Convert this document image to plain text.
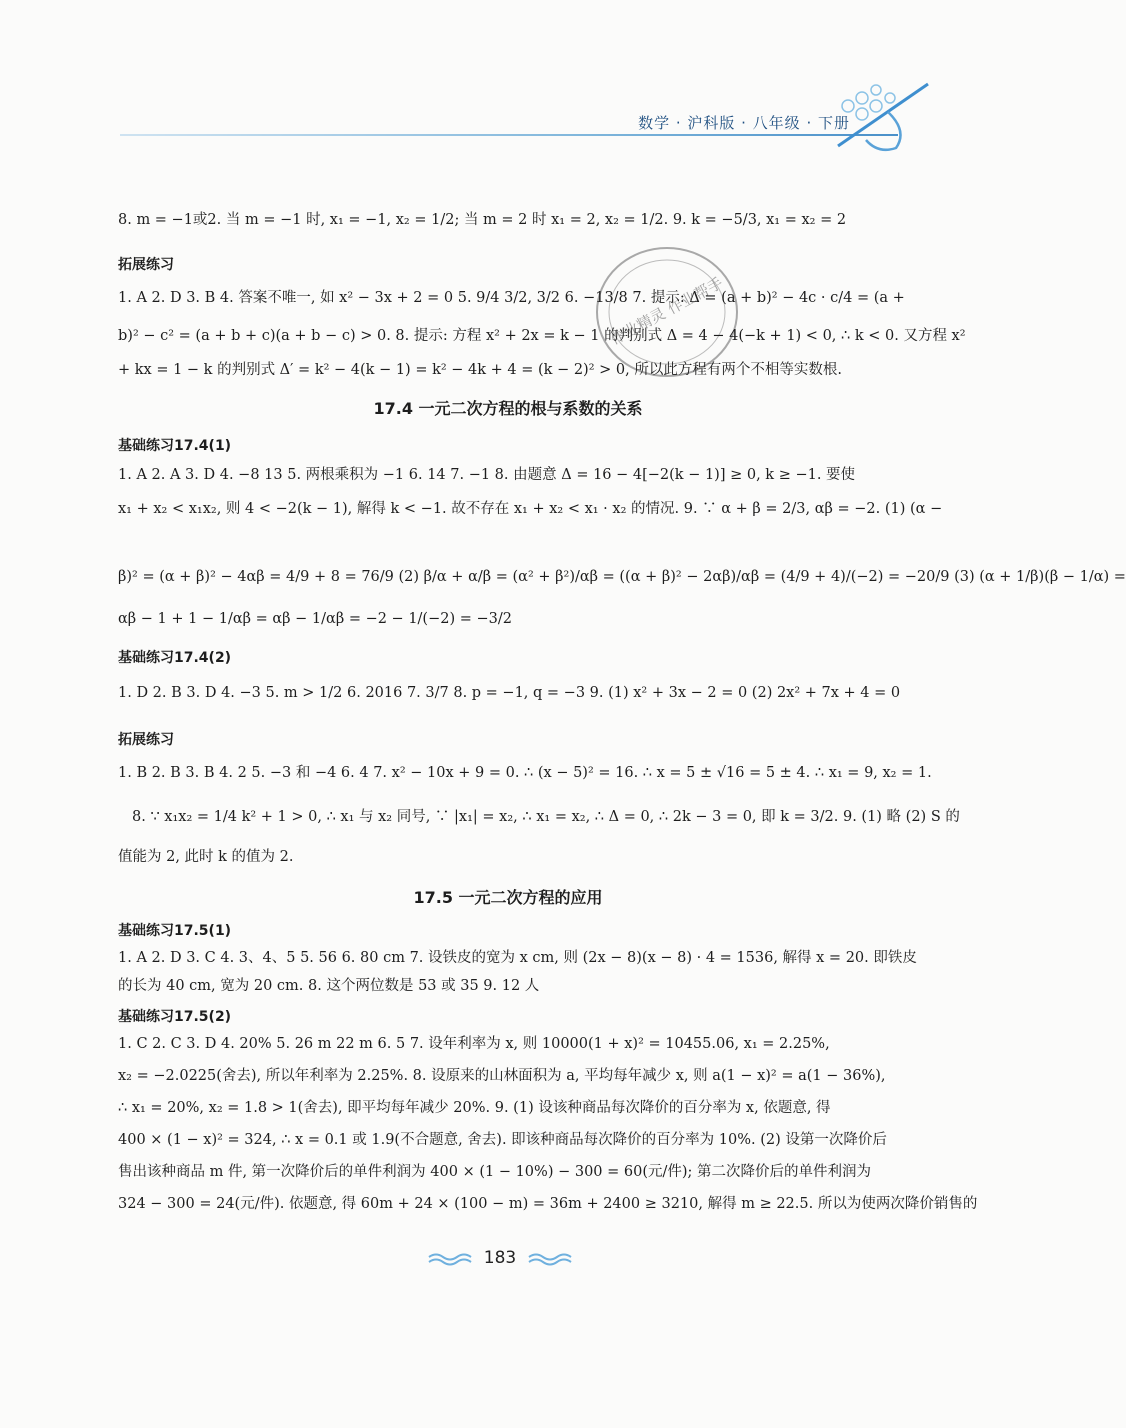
数学 · 沪科版 · 八年级 · 下册
作业精灵 作业帮手

8. m = −1或2. 当 m = −1 时, x₁ = −1, x₂ = 1/2; 当 m = 2 时 x₁ = 2, x₂ = 1/2. 9. k = −5/3, x₁ = x₂ = 2

拓展练习

1. A 2. D 3. B 4. 答案不唯一, 如 x² − 3x + 2 = 0 5. 9/4 3/2, 3/2 6. −13/8 7. 提示: Δ = (a + b)² − 4c · c/4 = (a +

b)² − c² = (a + b + c)(a + b − c) > 0. 8. 提示: 方程 x² + 2x = k − 1 的判别式 Δ = 4 − 4(−k + 1) < 0, ∴ k < 0. 又方程 x²

+ kx = 1 − k 的判别式 Δ′ = k² − 4(k − 1) = k² − 4k + 4 = (k − 2)² > 0, 所以此方程有两个不相等实数根.

17.4 一元二次方程的根与系数的关系

基础练习17.4(1)

1. A 2. A 3. D 4. −8 13 5. 两根乘积为 −1 6. 14 7. −1 8. 由题意 Δ = 16 − 4[−2(k − 1)] ≥ 0, k ≥ −1. 要使

x₁ + x₂ < x₁x₂, 则 4 < −2(k − 1), 解得 k < −1. 故不存在 x₁ + x₂ < x₁ · x₂ 的情况. 9. ∵ α + β = 2/3, αβ = −2. (1) (α −

β)² = (α + β)² − 4αβ = 4/9 + 8 = 76/9 (2) β/α + α/β = (α² + β²)/αβ = ((α + β)² − 2αβ)/αβ = (4/9 + 4)/(−2) = −20/9 (3) (α + 1/β)(β − 1/α) =

αβ − 1 + 1 − 1/αβ = αβ − 1/αβ = −2 − 1/(−2) = −3/2

基础练习17.4(2)

1. D 2. B 3. D 4. −3 5. m > 1/2 6. 2016 7. 3/7 8. p = −1, q = −3 9. (1) x² + 3x − 2 = 0 (2) 2x² + 7x + 4 = 0

拓展练习

1. B 2. B 3. B 4. 2 5. −3 和 −4 6. 4 7. x² − 10x + 9 = 0. ∴ (x − 5)² = 16. ∴ x = 5 ± √16 = 5 ± 4. ∴ x₁ = 9, x₂ = 1.

8. ∵ x₁x₂ = 1/4 k² + 1 > 0, ∴ x₁ 与 x₂ 同号, ∵ |x₁| = x₂, ∴ x₁ = x₂, ∴ Δ = 0, ∴ 2k − 3 = 0, 即 k = 3/2. 9. (1) 略 (2) S 的

值能为 2, 此时 k 的值为 2.

17.5 一元二次方程的应用

基础练习17.5(1)

1. A 2. D 3. C 4. 3、4、5 5. 56 6. 80 cm 7. 设铁皮的宽为 x cm, 则 (2x − 8)(x − 8) · 4 = 1536, 解得 x = 20. 即铁皮

的长为 40 cm, 宽为 20 cm. 8. 这个两位数是 53 或 35 9. 12 人

基础练习17.5(2)

1. C 2. C 3. D 4. 20% 5. 26 m 22 m 6. 5 7. 设年利率为 x, 则 10000(1 + x)² = 10455.06, x₁ = 2.25%,

x₂ = −2.0225(舍去), 所以年利率为 2.25%. 8. 设原来的山林面积为 a, 平均每年减少 x, 则 a(1 − x)² = a(1 − 36%),

∴ x₁ = 20%, x₂ = 1.8 > 1(舍去), 即平均每年减少 20%. 9. (1) 设该种商品每次降价的百分率为 x, 依题意, 得

400 × (1 − x)² = 324, ∴ x = 0.1 或 1.9(不合题意, 舍去). 即该种商品每次降价的百分率为 10%. (2) 设第一次降价后

售出该种商品 m 件, 第一次降价后的单件利润为 400 × (1 − 10%) − 300 = 60(元/件); 第二次降价后的单件利润为

324 − 300 = 24(元/件). 依题意, 得 60m + 24 × (100 − m) = 36m + 2400 ≥ 3210, 解得 m ≥ 22.5. 所以为使两次降价销售的

183
